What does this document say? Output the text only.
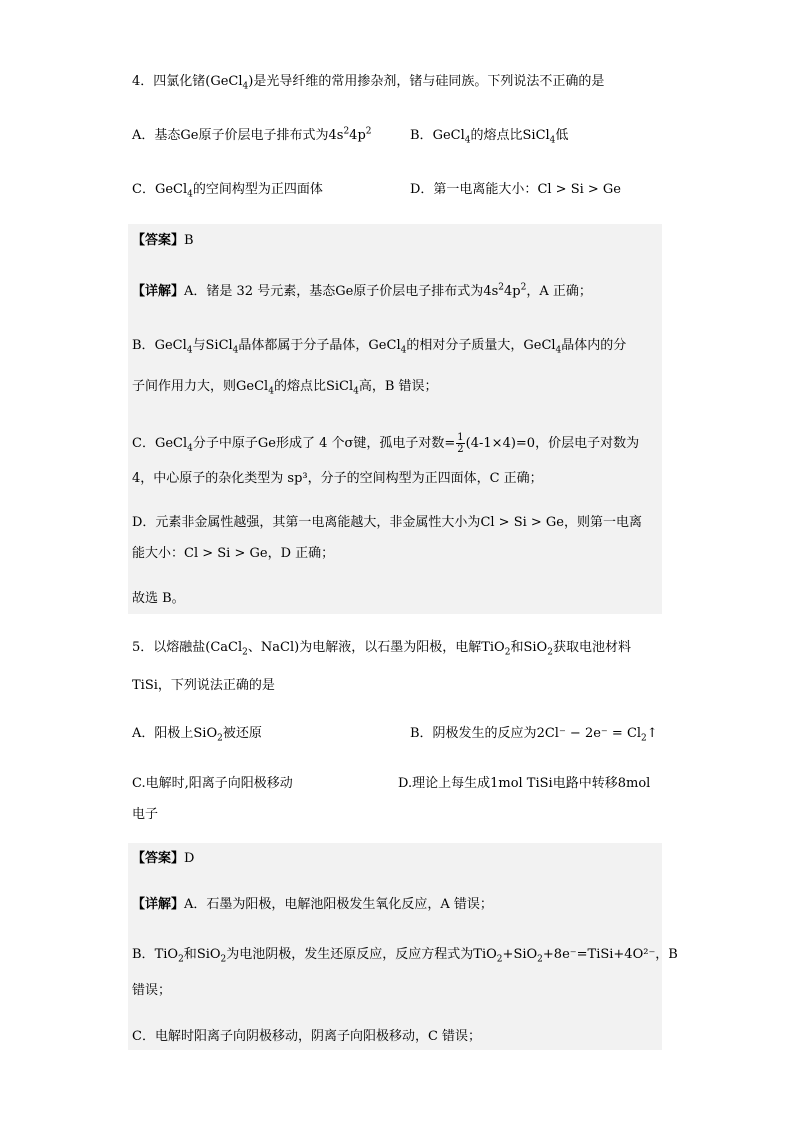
4．四氯化锗(GeCl$_4$)是光导纤维的常用掺杂剂，锗与硅同族。下列说法不正确的是
A．基态Ge原子价层电子排布式为$4s^24p^2$	B．GeCl$_4$的熔点比SiCl$_4$低
C．GeCl$_4$的空间构型为正四面体	D．第一电离能大小：Cl > Si > Ge
【答案】B
【详解】A．锗是 32 号元素，基态Ge原子价层电子排布式为$4s^24p^2$，A 正确；
B．GeCl$_4$与SiCl$_4$晶体都属于分子晶体，GeCl$_4$的相对分子质量大，GeCl$_4$晶体内的分
子间作用力大，则GeCl$_4$的熔点比SiCl$_4$高，B 错误；
C．GeCl$_4$分子中原子Ge形成了 4 个σ键，孤电子对数= $\frac{1}{2} (4-1\times 4)=0$，价层电子对数为
4，中心原子的杂化类型为 sp³，分子的空间构型为正四面体，C 正确；
D．元素非金属性越强，其第一电离能越大，非金属性大小为Cl > Si > Ge，则第一电离
能大小：Cl > Si > Ge，D 正确；
故选 B。
5．以熔融盐(CaCl$_2$、NaCl)为电解液，以石墨为阳极，电解TiO$_2$和SiO$_2$获取电池材料
TiSi，下列说法正确的是
A．阳极上SiO$_2$被还原	B．阴极发生的反应为$2Cl^- - 2e^- = Cl_2↑$
C.电解时,阳离子向阳极移动	D.理论上每生成1mol TiSi电路中转移8mol
电子
【答案】D
【详解】A．石墨为阳极，电解池阳极发生氧化反应，A 错误；
B．TiO$_2$和SiO$_2$为电池阴极，发生还原反应，反应方程式为TiO$_2$+SiO$_2$+8e⁻=TiSi+4O²⁻，B
错误；
C．电解时阳离子向阴极移动，阴离子向阳极移动，C 错误；
